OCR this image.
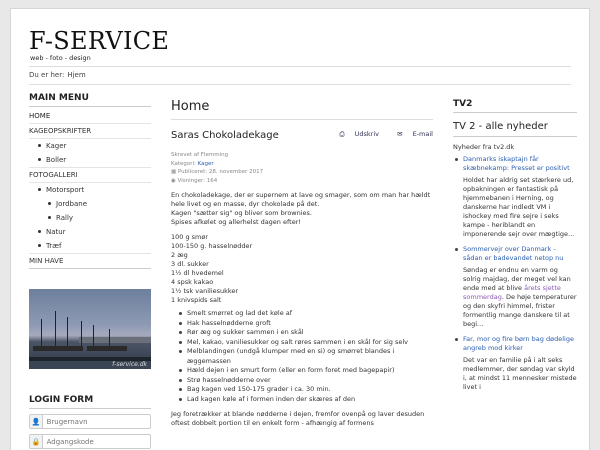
F-SERVICE
web - foto - design
Du er her: Hjem
MAIN MENU
HOME
KAGEOPSKRIFTER
Kager
Boller
FOTOGALLERI
Motorsport
Jordbane
Rally
Natur
Træf
MIN HAVE
f-service.dk
LOGIN FORM
👤
Brugernavn
🔒
Home
Saras Chokoladekage	⎙ Udskriv	✉ E-mail
Skrevet af Flemming
Kategori: Kager
▦ Publiceret: 28. november 2017
◉ Visninger: 164

En chokoladekage, der er supernem at lave og smager, som om man har hældt hele livet og en masse, dyr chokolade på det.
Kagen "sætter sig" og bliver som brownies.
Spises afkølet og allerhelst dagen efter!

100 g smør
100-150 g. hasselnødder
2 æg
3 dl. sukker
1½ dl hvedemel
4 spsk kakao
1½ tsk vaniliesukker
1 knivspids salt
Smelt smørret og lad det køle af
Hak hasselnødderne groft
Rør æg og sukker sammen i en skål
Mel, kakao, vaniliesukker og salt røres sammen i en skål for sig selv
Melblandingen (undgå klumper med en si) og smørret blandes i æggemassen
Hæld dejen i en smurt form (eller en form foret med bagepapir)
Strø hasselnødderne over
Bag kagen ved 150-175 grader i ca. 30 min.
Lad kagen køle af i formen inden der skæres af den
Jeg foretrækker at blande nødderne i dejen, fremfor ovenpå og laver desuden oftest dobbelt portion til en enkelt form - afhængig af formens
TV2
TV 2 - alle nyheder
Nyheder fra tv2.dk
Danmarks iskaptajn får skæbnekamp: Presset er positivt
Holdet har aldrig set stærkere ud, opbakningen er fantastisk på hjemmebanen i Herning, og danskerne har indledt VM i ishockey med fire sejre i seks kampe - heriblandt en imponerende sejr over mægtige...
Sommervejr over Danmark - sådan er badevandet netop nu
Søndag er endnu en varm og solrig majdag, der meget vel kan ende med at blive årets sjette sommerdag. De høje temperaturer og den skyfri himmel, frister formentlig mange danskere til at begi...
Far, mor og fire børn bag dødelige angreb mod kirker
Det var en familie på i alt seks medlemmer, der søndag var skyld i, at mindst 11 mennesker mistede livet i
